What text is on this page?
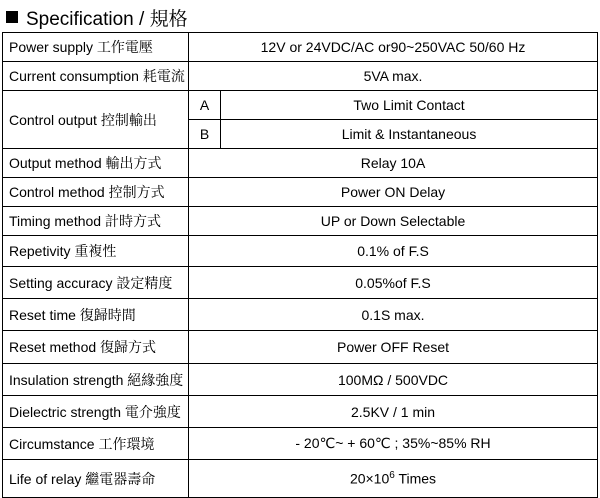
Specification / 規格
Power supply 工作電壓	12V or 24VDC/AC or90~250VAC 50/60 Hz	
Current consumption 耗電流	5VA max.	
Control output 控制輸出	A	Two Limit Contact
	B	Limit & Instantaneous
Output method 輸出方式	Relay 10A	
Control method 控制方式	Power ON Delay	
Timing method 計時方式	UP or Down Selectable	
Repetivity 重複性	0.1% of F.S	
Setting accuracy 設定精度	0.05%of F.S	
Reset time 復歸時間	0.1S max.	
Reset method 復歸方式	Power OFF Reset	
Insulation strength 絕緣強度	100MΩ / 500VDC	
Dielectric strength 電介強度	2.5KV / 1 min	
Circumstance 工作環境	- 20℃~ + 60℃ ; 35%~85% RH	
Life of relay 繼電器壽命	$20\times 10^6$ Times	
